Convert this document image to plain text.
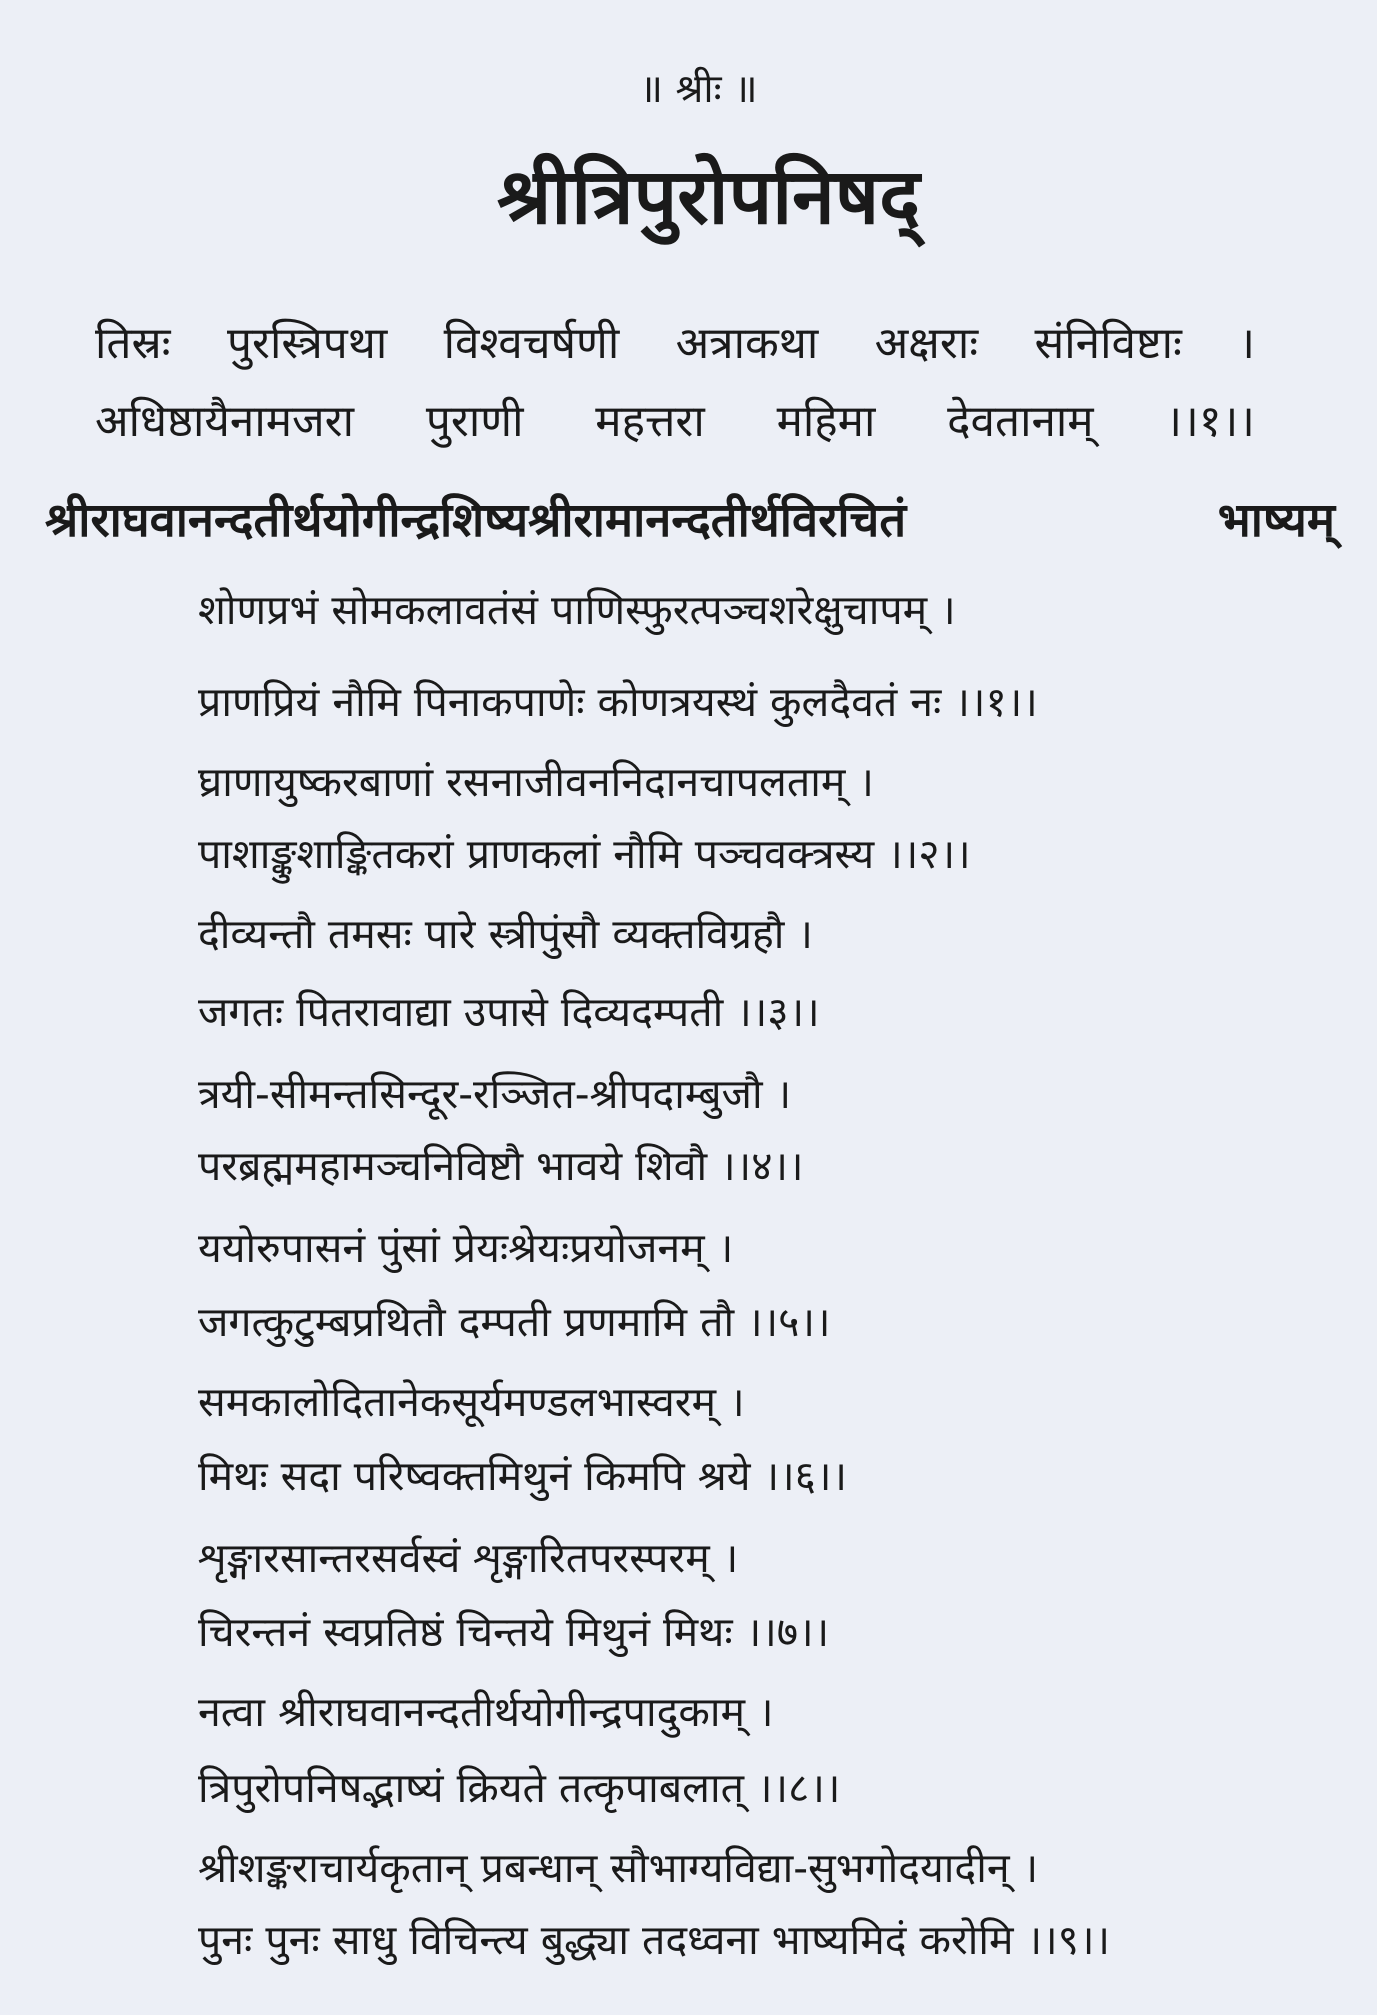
॥ श्रीः ॥
श्रीत्रिपुरोपनिषद्
तिस्रः पुरस्त्रिपथा विश्वचर्षणी अत्राकथा अक्षराः संनिविष्टाः ।
अधिष्ठायैनामजरा पुराणी महत्तरा महिमा देवतानाम् ।।१।।
श्रीराघवानन्दतीर्थयोगीन्द्रशिष्यश्रीरामानन्दतीर्थविरचितं भाष्यम्
शोणप्रभं सोमकलावतंसं पाणिस्फुरत्पञ्चशरेक्षुचापम् ।
प्राणप्रियं नौमि पिनाकपाणेः कोणत्रयस्थं कुलदैवतं नः ।।१।।
घ्राणायुष्करबाणां रसनाजीवननिदानचापलताम् ।
पाशाङ्कुशाङ्कितकरां प्राणकलां नौमि पञ्चवक्त्रस्य ।।२।।
दीव्यन्तौ तमसः पारे स्त्रीपुंसौ व्यक्तविग्रहौ ।
जगतः पितरावाद्या उपासे दिव्यदम्पती ।।३।।
त्रयी-सीमन्तसिन्दूर-रञ्जित-श्रीपदाम्बुजौ ।
परब्रह्ममहामञ्चनिविष्टौ भावये शिवौ ।।४।।
ययोरुपासनं पुंसां प्रेयःश्रेयःप्रयोजनम् ।
जगत्कुटुम्बप्रथितौ दम्पती प्रणमामि तौ ।।५।।
समकालोदितानेकसूर्यमण्डलभास्वरम् ।
मिथः सदा परिष्वक्तमिथुनं किमपि श्रये ।।६।।
शृङ्गारसान्तरसर्वस्वं शृङ्गारितपरस्परम् ।
चिरन्तनं स्वप्रतिष्ठं चिन्तये मिथुनं मिथः ।।७।।
नत्वा श्रीराघवानन्दतीर्थयोगीन्द्रपादुकाम् ।
त्रिपुरोपनिषद्भाष्यं क्रियते तत्कृपाबलात् ।।८।।
श्रीशङ्कराचार्यकृतान् प्रबन्धान् सौभाग्यविद्या-सुभगोदयादीन् ।
पुनः पुनः साधु विचिन्त्य बुद्ध्या तदध्वना भाष्यमिदं करोमि ।।९।।
